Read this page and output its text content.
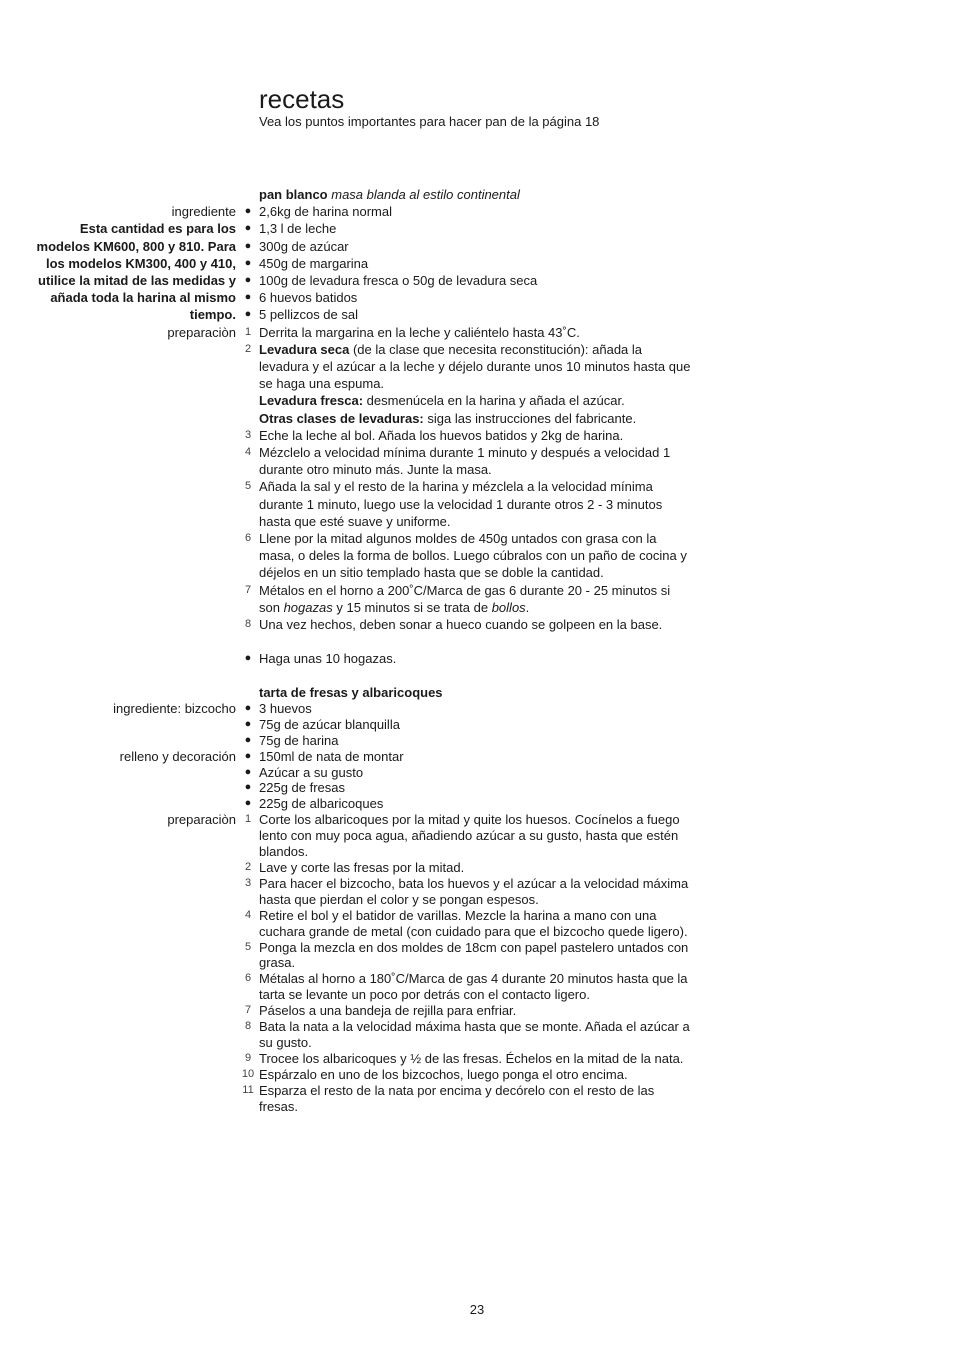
recetas

Vea los puntos importantes para hacer pan de la página 18

pan blanco masa blanda al estilo continental
ingrediente
Esta cantidad es para los modelos KM600, 800 y 810. Para los modelos KM300, 400 y 410, utilice la mitad de las medidas y añada toda la harina al mismo tiempo.
● 2,6kg de harina normal
● 1,3 l de leche
● 300g de azúcar
● 450g de margarina
● 100g de levadura fresca o 50g de levadura seca
● 6 huevos batidos
● 5 pellizcos de sal
preparaciòn 1 Derrita la margarina en la leche y caliéntelo hasta 43˚C.
2 Levadura seca (de la clase que necesita reconstitución): añada la levadura y el azúcar a la leche y déjelo durante unos 10 minutos hasta que se haga una espuma.
Levadura fresca: desmenúcela en la harina y añada el azúcar.
Otras clases de levaduras: siga las instrucciones del fabricante.
3 Eche la leche al bol. Añada los huevos batidos y 2kg de harina.
4 Mézclelo a velocidad mínima durante 1 minuto y después a velocidad 1 durante otro minuto más. Junte la masa.
5 Añada la sal y el resto de la harina y mézclela a la velocidad mínima durante 1 minuto, luego use la velocidad 1 durante otros 2 - 3 minutos hasta que esté suave y uniforme.
6 Llene por la mitad algunos moldes de 450g untados con grasa con la masa, o deles la forma de bollos. Luego cúbralos con un paño de cocina y déjelos en un sitio templado hasta que se doble la cantidad.
7 Métalos en el horno a 200˚C/Marca de gas 6 durante 20 - 25 minutos si son hogazas y 15 minutos si se trata de bollos.
8 Una vez hechos, deben sonar a hueco cuando se golpeen en la base.
● Haga unas 10 hogazas.
tarta de fresas y albaricoques
ingrediente: bizcocho ● 3 huevos
● 75g de azúcar blanquilla
● 75g de harina
relleno y decoración ● 150ml de nata de montar
● Azúcar a su gusto
● 225g de fresas
● 225g de albaricoques
preparaciòn 1 Corte los albaricoques por la mitad y quite los huesos. Cocínelos a fuego lento con muy poca agua, añadiendo azúcar a su gusto, hasta que estén blandos.
2 Lave y corte las fresas por la mitad.
3 Para hacer el bizcocho, bata los huevos y el azúcar a la velocidad máxima hasta que pierdan el color y se pongan espesos.
4 Retire el bol y el batidor de varillas. Mezcle la harina a mano con una cuchara grande de metal (con cuidado para que el bizcocho quede ligero).
5 Ponga la mezcla en dos moldes de 18cm con papel pastelero untados con grasa.
6 Métalas al horno a 180˚C/Marca de gas 4 durante 20 minutos hasta que la tarta se levante un poco por detrás con el contacto ligero.
7 Páselos a una bandeja de rejilla para enfriar.
8 Bata la nata a la velocidad máxima hasta que se monte. Añada el azúcar a su gusto.
9 Trocee los albaricoques y ½ de las fresas. Échelos en la mitad de la nata.
10 Espárzalo en uno de los bizcochos, luego ponga el otro encima.
11 Esparza el resto de la nata por encima y decórelo con el resto de las fresas.
23
